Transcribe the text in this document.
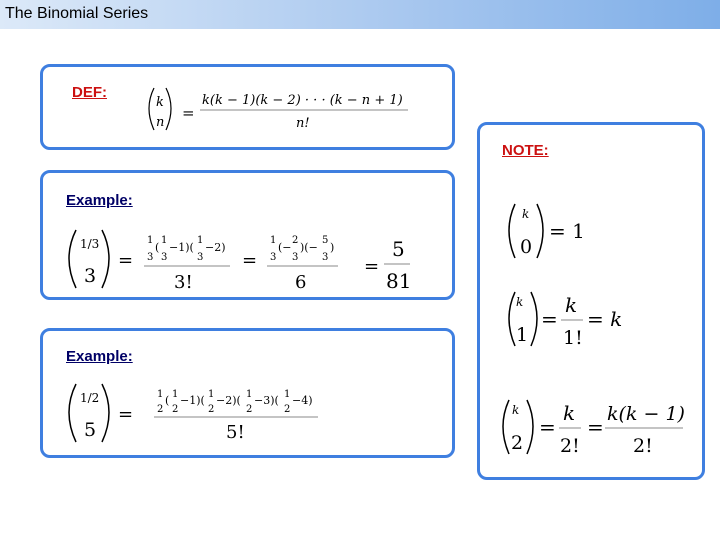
The Binomial Series
DEF:
k
n
=
k(k − 1)(k − 2) · · · (k − n + 1)
n!
Example:
1/3
3
=
1
3
(
1
3
−1)(
1
3
−2)
3!
=
1
3
(−
2
3
)(−
5
3
)
6
=
5
81
Example:
1/2
5
=
1
2
( 1
2
−1)( 1
2
−2)( 1
2
−3)( 1
2
−4)
5!
NOTE:
k
0
= 1
k
1
=
k
1!
= k
k
2
=
k
2!
=
k(k − 1)
2!
